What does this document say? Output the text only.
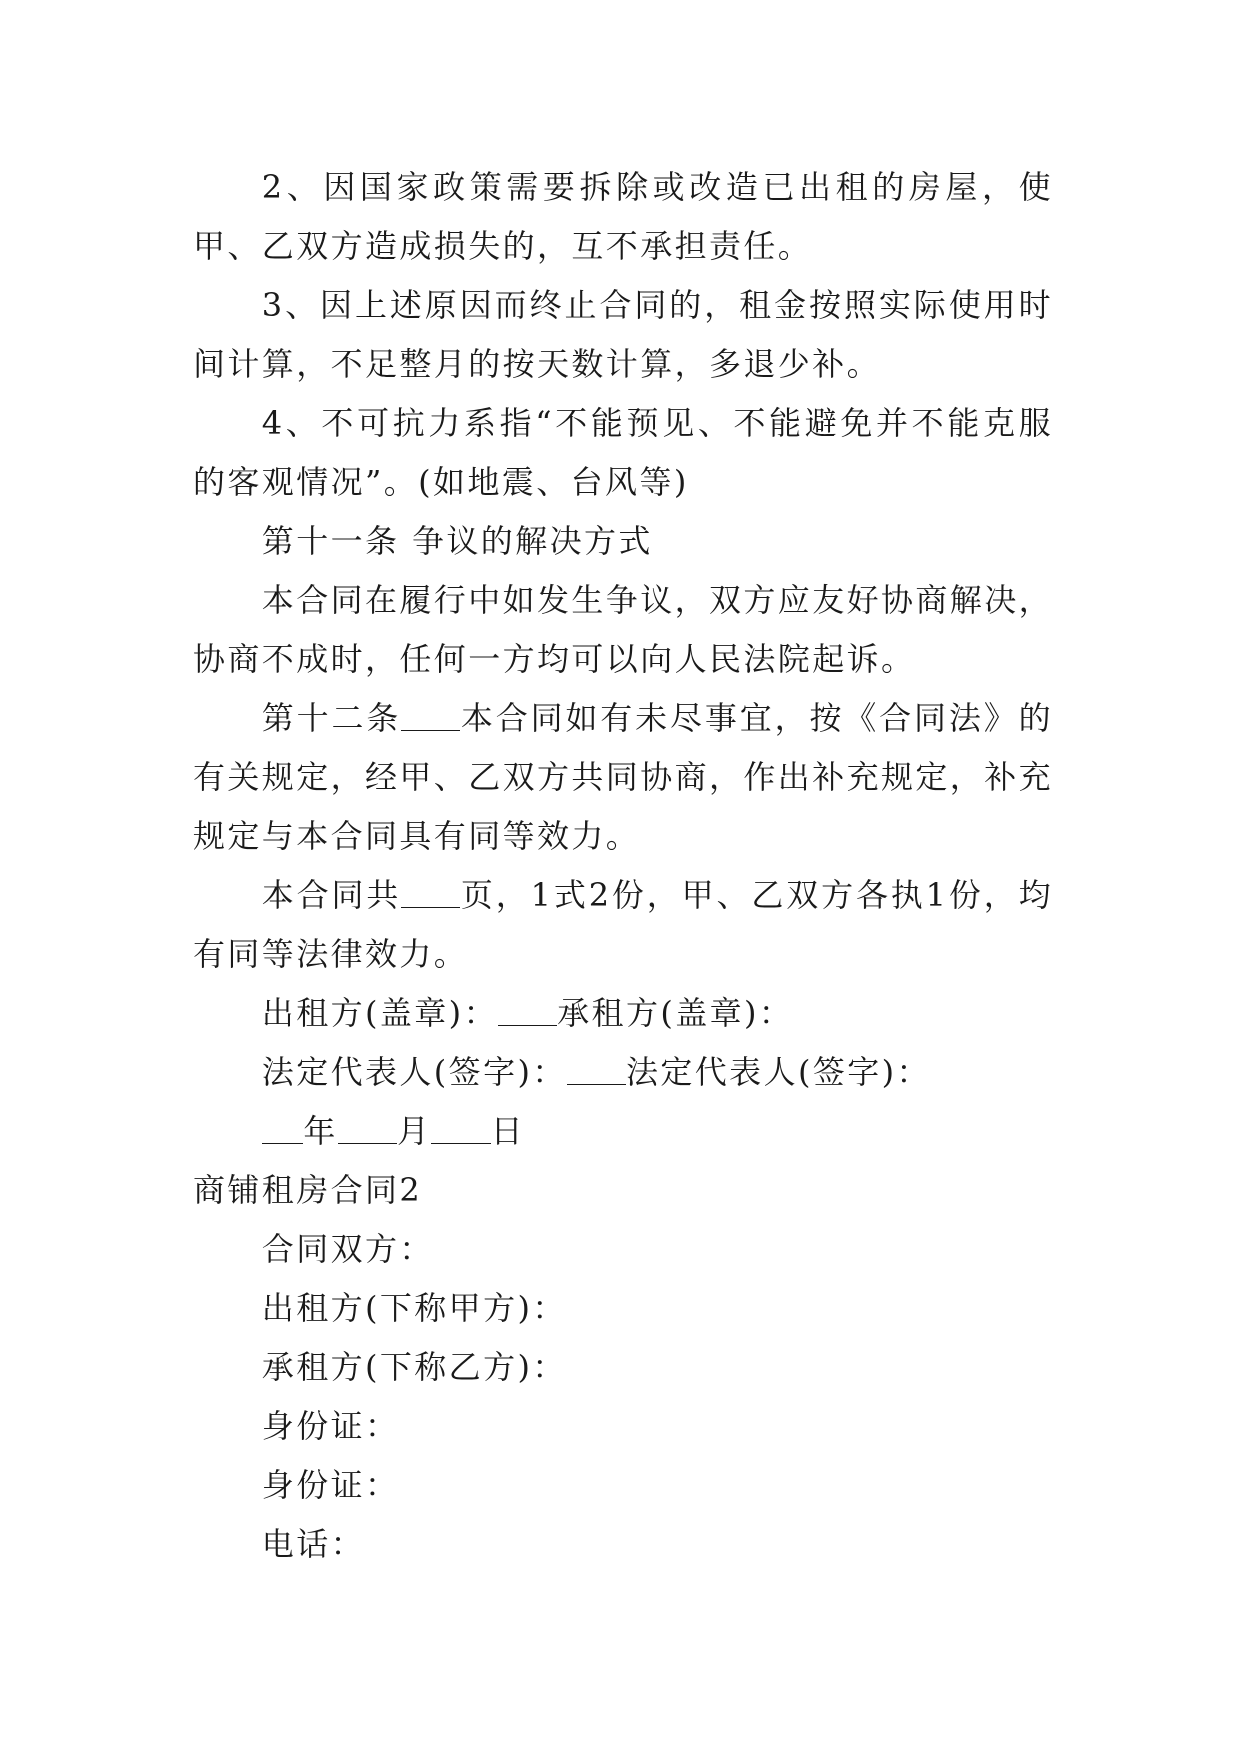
2、因国家政策需要拆除或改造已出租的房屋，使甲、乙双方造成损失的，互不承担责任。

3、因上述原因而终止合同的，租金按照实际使用时间计算，不足整月的按天数计算，多退少补。

4、不可抗力系指“不能预见、不能避免并不能克服的客观情况”。(如地震、台风等)

第十一条 争议的解决方式

本合同在履行中如发生争议，双方应友好协商解决，协商不成时，任何一方均可以向人民法院起诉。

第十二条 本合同如有未尽事宜，按《合同法》的有关规定，经甲、乙双方共同协商，作出补充规定，补充规定与本合同具有同等效力。

本合同共 页，1式2份，甲、乙双方各执1份，均有同等法律效力。

出租方(盖章)： 承租方(盖章)：

法定代表人(签字)： 法定代表人(签字)：

年 月 日

商铺租房合同2

合同双方：

出租方(下称甲方)：

承租方(下称乙方)：

身份证：

身份证：

电话：
